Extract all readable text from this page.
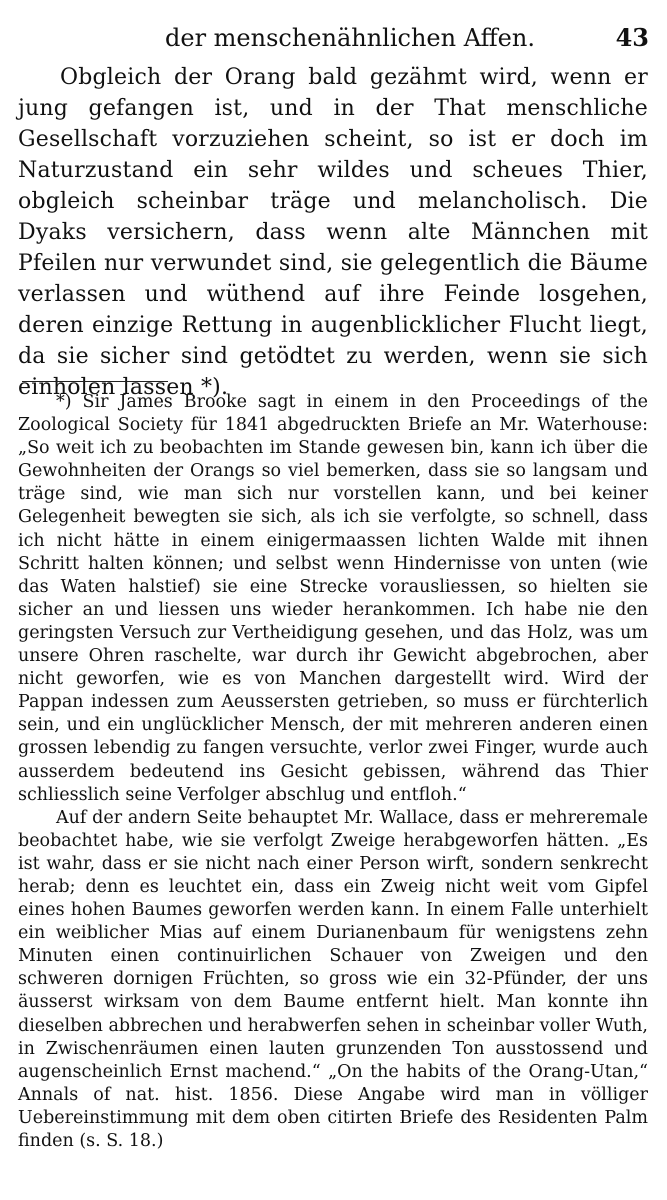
der menschenähnlichen Affen.	43

Obgleich der Orang bald gezähmt wird, wenn er jung gefangen ist, und in der That menschliche Gesellschaft vorzuziehen scheint, so ist er doch im Naturzustand ein sehr wildes und scheues Thier, obgleich scheinbar träge und melancholisch. Die Dyaks versichern, dass wenn alte Männchen mit Pfeilen nur verwundet sind, sie gelegentlich die Bäume verlassen und wüthend auf ihre Feinde losgehen, deren einzige Rettung in augenblicklicher Flucht liegt, da sie sicher sind getödtet zu werden, wenn sie sich einholen lassen *).

*) Sir James Brooke sagt in einem in den Proceedings of the Zoological Society für 1841 abgedruckten Briefe an Mr. Waterhouse: „So weit ich zu beobachten im Stande gewesen bin, kann ich über die Gewohnheiten der Orangs so viel bemerken, dass sie so langsam und träge sind, wie man sich nur vorstellen kann, und bei keiner Gelegenheit bewegten sie sich, als ich sie verfolgte, so schnell, dass ich nicht hätte in einem einigermaassen lichten Walde mit ihnen Schritt halten können; und selbst wenn Hindernisse von unten (wie das Waten halstief) sie eine Strecke vorausliessen, so hielten sie sicher an und liessen uns wieder herankommen. Ich habe nie den geringsten Versuch zur Vertheidigung gesehen, und das Holz, was um unsere Ohren raschelte, war durch ihr Gewicht abgebrochen, aber nicht geworfen, wie es von Manchen dargestellt wird. Wird der Pappan indessen zum Aeussersten getrieben, so muss er fürchterlich sein, und ein unglücklicher Mensch, der mit mehreren anderen einen grossen lebendig zu fangen versuchte, verlor zwei Finger, wurde auch ausserdem bedeutend ins Gesicht gebissen, während das Thier schliesslich seine Verfolger abschlug und entfloh.“

Auf der andern Seite behauptet Mr. Wallace, dass er mehreremale beobachtet habe, wie sie verfolgt Zweige herabgeworfen hätten. „Es ist wahr, dass er sie nicht nach einer Person wirft, sondern senkrecht herab; denn es leuchtet ein, dass ein Zweig nicht weit vom Gipfel eines hohen Baumes geworfen werden kann. In einem Falle unterhielt ein weiblicher Mias auf einem Durianenbaum für wenigstens zehn Minuten einen continuirlichen Schauer von Zweigen und den schweren dornigen Früchten, so gross wie ein 32-Pfünder, der uns äusserst wirksam von dem Baume entfernt hielt. Man konnte ihn dieselben abbrechen und herabwerfen sehen in scheinbar voller Wuth, in Zwischenräumen einen lauten grunzenden Ton ausstossend und augenscheinlich Ernst machend.“ „On the habits of the Orang-Utan,“ Annals of nat. hist. 1856. Diese Angabe wird man in völliger Uebereinstimmung mit dem oben citirten Briefe des Residenten Palm finden (s. S. 18.)
